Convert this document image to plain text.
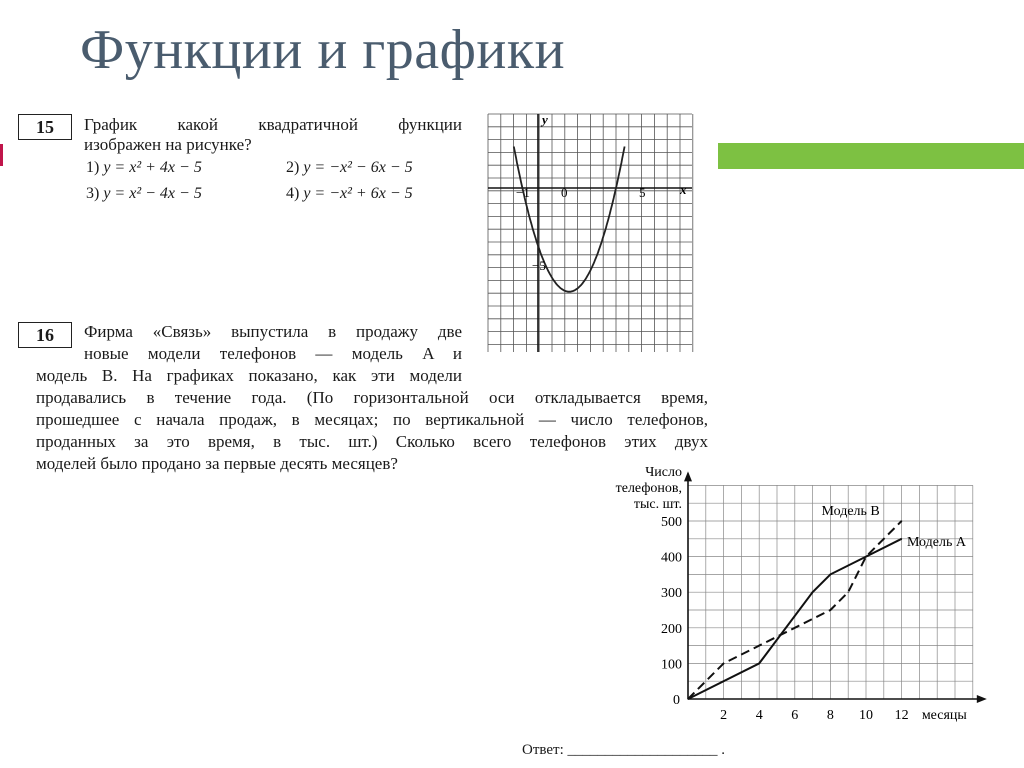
Функции и графики
15	График какой квадратичной функции
изображен на рисунке?
1) y = x² + 4x − 5	2) y = −x² − 6x − 5
3) y = x² − 4x − 5	4) y = −x² + 6x − 5
y
x
−1 0	5
−5
16	Фирма «Связь» выпустила в продажу две
новые модели телефонов — модель A и
модель B. На графиках показано, как эти модели
продавались в течение года. (По горизонтальной оси откладывается время,
прошедшее с начала продаж, в месяцах; по вертикальной — число телефонов,
проданных за это время, в тыс. шт.) Сколько всего телефонов этих двух
моделей было продано за первые десять месяцев?	Число
телефонов,
тыс. шт.
100
200
300
400
500
2 4 6 8 10 12
0
месяцы
Модель A
Модель B
Ответ: ____________________ .
